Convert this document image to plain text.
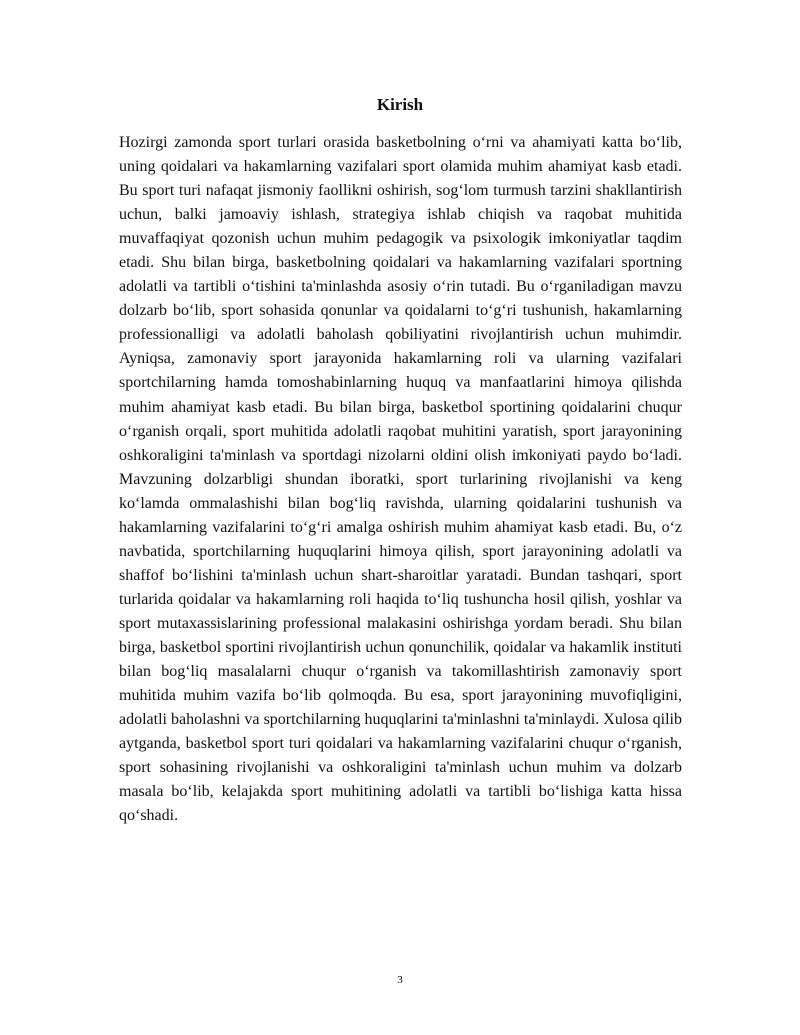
Kirish

Hozirgi zamonda sport turlari orasida basketbolning oʻrni va ahamiyati katta boʻlib, uning qoidalari va hakamlarning vazifalari sport olamida muhim ahamiyat kasb etadi. Bu sport turi nafaqat jismoniy faollikni oshirish, sogʻlom turmush tarzini shakllantirish uchun, balki jamoaviy ishlash, strategiya ishlab chiqish va raqobat muhitida muvaffaqiyat qozonish uchun muhim pedagogik va psixologik imkoniyatlar taqdim etadi. Shu bilan birga, basketbolning qoidalari va hakamlarning vazifalari sportning adolatli va tartibli oʻtishini ta'minlashda asosiy oʻrin tutadi. Bu oʻrganiladigan mavzu dolzarb boʻlib, sport sohasida qonunlar va qoidalarni toʻgʻri tushunish, hakamlarning professionalligi va adolatli baholash qobiliyatini rivojlantirish uchun muhimdir. Ayniqsa, zamonaviy sport jarayonida hakamlarning roli va ularning vazifalari sportchilarning hamda tomoshabinlarning huquq va manfaatlarini himoya qilishda muhim ahamiyat kasb etadi. Bu bilan birga, basketbol sportining qoidalarini chuqur oʻrganish orqali, sport muhitida adolatli raqobat muhitini yaratish, sport jarayonining oshkoraligini ta'minlash va sportdagi nizolarni oldini olish imkoniyati paydo boʻladi. Mavzuning dolzarbligi shundan iboratki, sport turlarining rivojlanishi va keng koʻlamda ommalashishi bilan bogʻliq ravishda, ularning qoidalarini tushunish va hakamlarning vazifalarini toʻgʻri amalga oshirish muhim ahamiyat kasb etadi. Bu, oʻz navbatida, sportchilarning huquqlarini himoya qilish, sport jarayonining adolatli va shaffof boʻlishini ta'minlash uchun shart-sharoitlar yaratadi. Bundan tashqari, sport turlarida qoidalar va hakamlarning roli haqida toʻliq tushuncha hosil qilish, yoshlar va sport mutaxassislarining professional malakasini oshirishga yordam beradi. Shu bilan birga, basketbol sportini rivojlantirish uchun qonunchilik, qoidalar va hakamlik instituti bilan bogʻliq masalalarni chuqur oʻrganish va takomillashtirish zamonaviy sport muhitida muhim vazifa boʻlib qolmoqda. Bu esa, sport jarayonining muvofiqligini, adolatli baholashni va sportchilarning huquqlarini ta'minlashni ta'minlaydi. Xulosa qilib aytganda, basketbol sport turi qoidalari va hakamlarning vazifalarini chuqur oʻrganish, sport sohasining rivojlanishi va oshkoraligini ta'minlash uchun muhim va dolzarb masala boʻlib, kelajakda sport muhitining adolatli va tartibli boʻlishiga katta hissa qoʻshadi.

3
